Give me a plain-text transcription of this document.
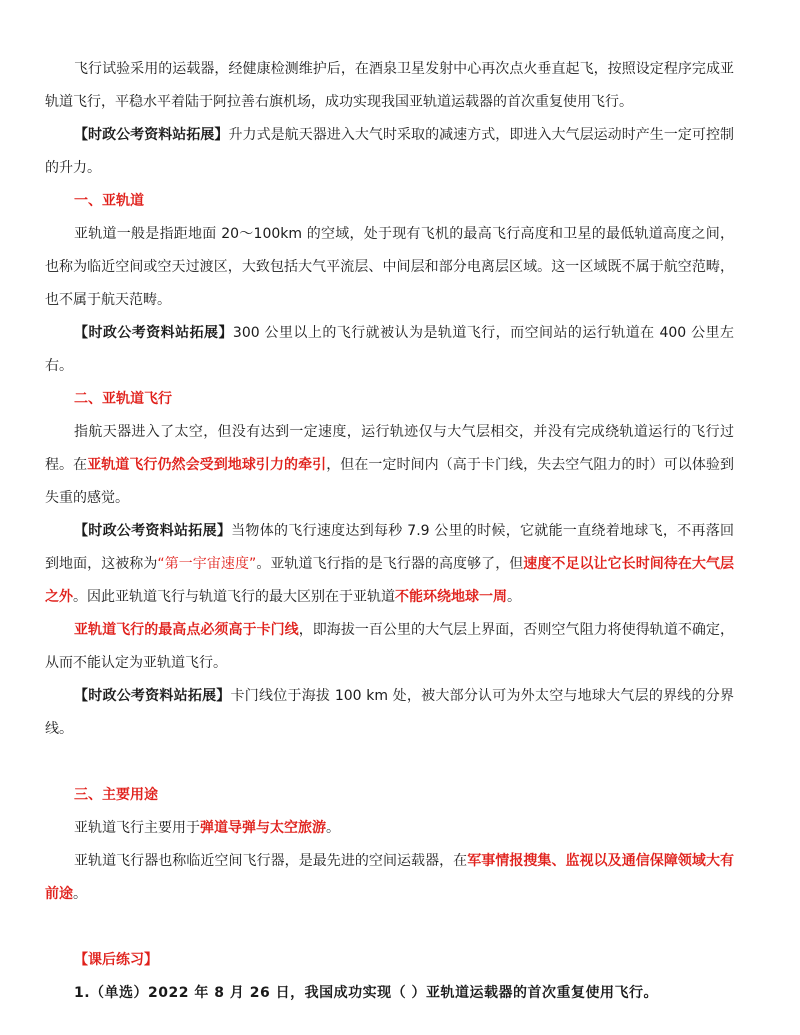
飞行试验采用的运载器，经健康检测维护后，在酒泉卫星发射中心再次点火垂直起飞，按照设定程序完成亚轨道飞行，平稳水平着陆于阿拉善右旗机场，成功实现我国亚轨道运载器的首次重复使用飞行。

【时政公考资料站拓展】升力式是航天器进入大气时采取的减速方式，即进入大气层运动时产生一定可控制的升力。

一、亚轨道

亚轨道一般是指距地面 20～100km 的空域，处于现有飞机的最高飞行高度和卫星的最低轨道高度之间，也称为临近空间或空天过渡区，大致包括大气平流层、中间层和部分电离层区域。这一区域既不属于航空范畴，也不属于航天范畴。

【时政公考资料站拓展】300 公里以上的飞行就被认为是轨道飞行，而空间站的运行轨道在 400 公里左右。

二、亚轨道飞行

指航天器进入了太空，但没有达到一定速度，运行轨迹仅与大气层相交，并没有完成绕轨道运行的飞行过程。在亚轨道飞行仍然会受到地球引力的牵引，但在一定时间内（高于卡门线，失去空气阻力的时）可以体验到失重的感觉。

【时政公考资料站拓展】当物体的飞行速度达到每秒 7.9 公里的时候，它就能一直绕着地球飞，不再落回到地面，这被称为“第一宇宙速度”。亚轨道飞行指的是飞行器的高度够了，但速度不足以让它长时间待在大气层之外。因此亚轨道飞行与轨道飞行的最大区别在于亚轨道不能环绕地球一周。

亚轨道飞行的最高点必须高于卡门线，即海拔一百公里的大气层上界面，否则空气阻力将使得轨道不确定，从而不能认定为亚轨道飞行。

【时政公考资料站拓展】卡门线位于海拔 100 km 处，被大部分认可为外太空与地球大气层的界线的分界线。

三、主要用途

亚轨道飞行主要用于弹道导弹与太空旅游。

亚轨道飞行器也称临近空间飞行器，是最先进的空间运载器，在军事情报搜集、监视以及通信保障领域大有前途。

【课后练习】
1.（单选）2022 年 8 月 26 日，我国成功实现（ ）亚轨道运载器的首次重复使用飞行。
